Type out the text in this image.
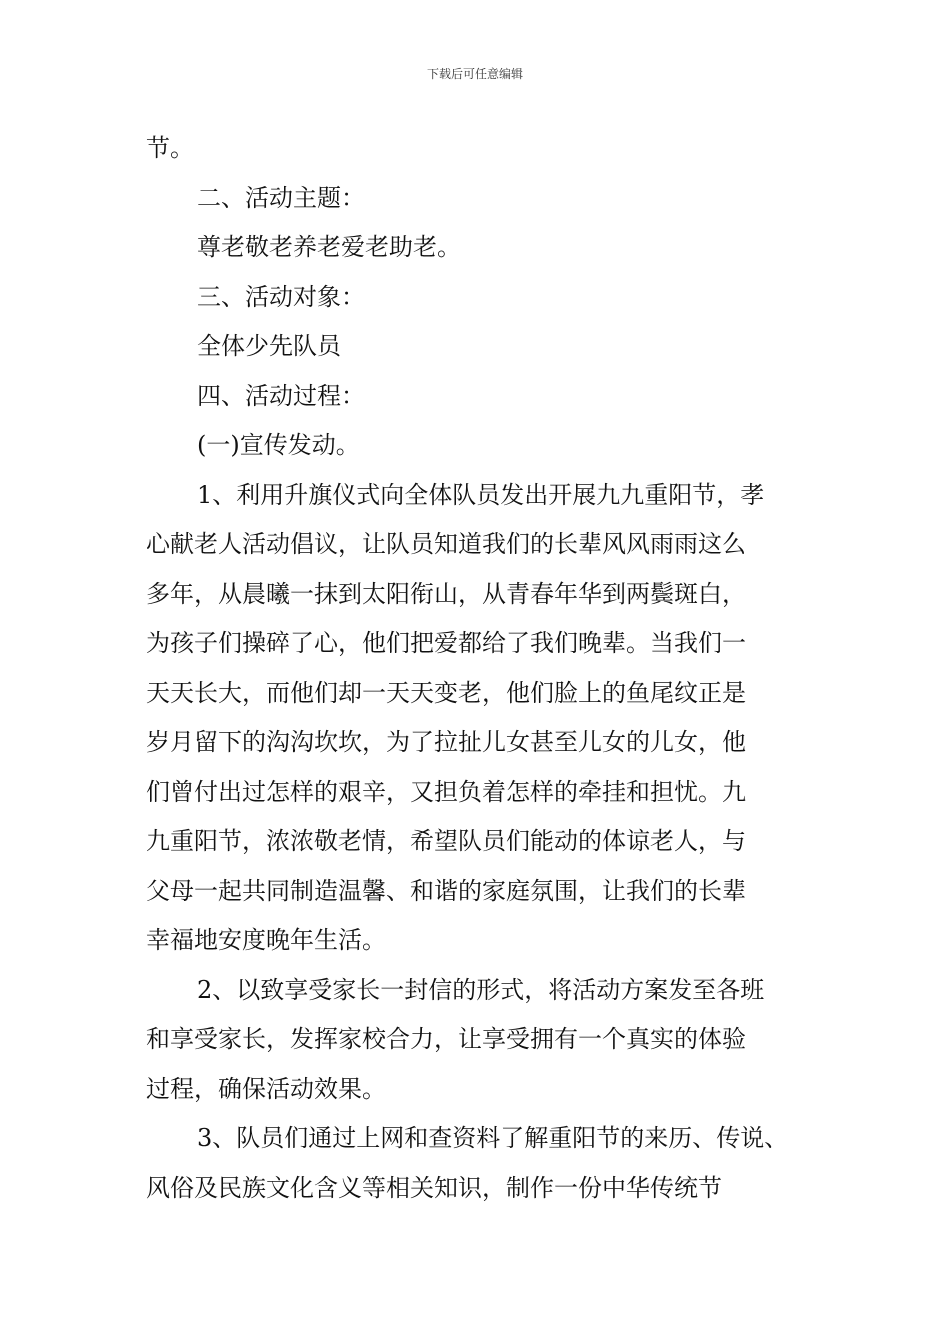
下载后可任意编辑

节。

二、活动主题：

尊老敬老养老爱老助老。

三、活动对象：

全体少先队员

四、活动过程：

(一)宣传发动。

1、利用升旗仪式向全体队员发出开展九九重阳节，孝

心献老人活动倡议，让队员知道我们的长辈风风雨雨这么

多年，从晨曦一抹到太阳衔山，从青春年华到两鬓斑白，

为孩子们操碎了心，他们把爱都给了我们晚辈。当我们一

天天长大，而他们却一天天变老，他们脸上的鱼尾纹正是

岁月留下的沟沟坎坎，为了拉扯儿女甚至儿女的儿女，他

们曾付出过怎样的艰辛，又担负着怎样的牵挂和担忧。九

九重阳节，浓浓敬老情，希望队员们能动的体谅老人，与

父母一起共同制造温馨、和谐的家庭氛围，让我们的长辈

幸福地安度晚年生活。

2、以致享受家长一封信的形式，将活动方案发至各班

和享受家长，发挥家校合力，让享受拥有一个真实的体验

过程，确保活动效果。

3、队员们通过上网和查资料了解重阳节的来历、传说、

风俗及民族文化含义等相关知识，制作一份中华传统节
